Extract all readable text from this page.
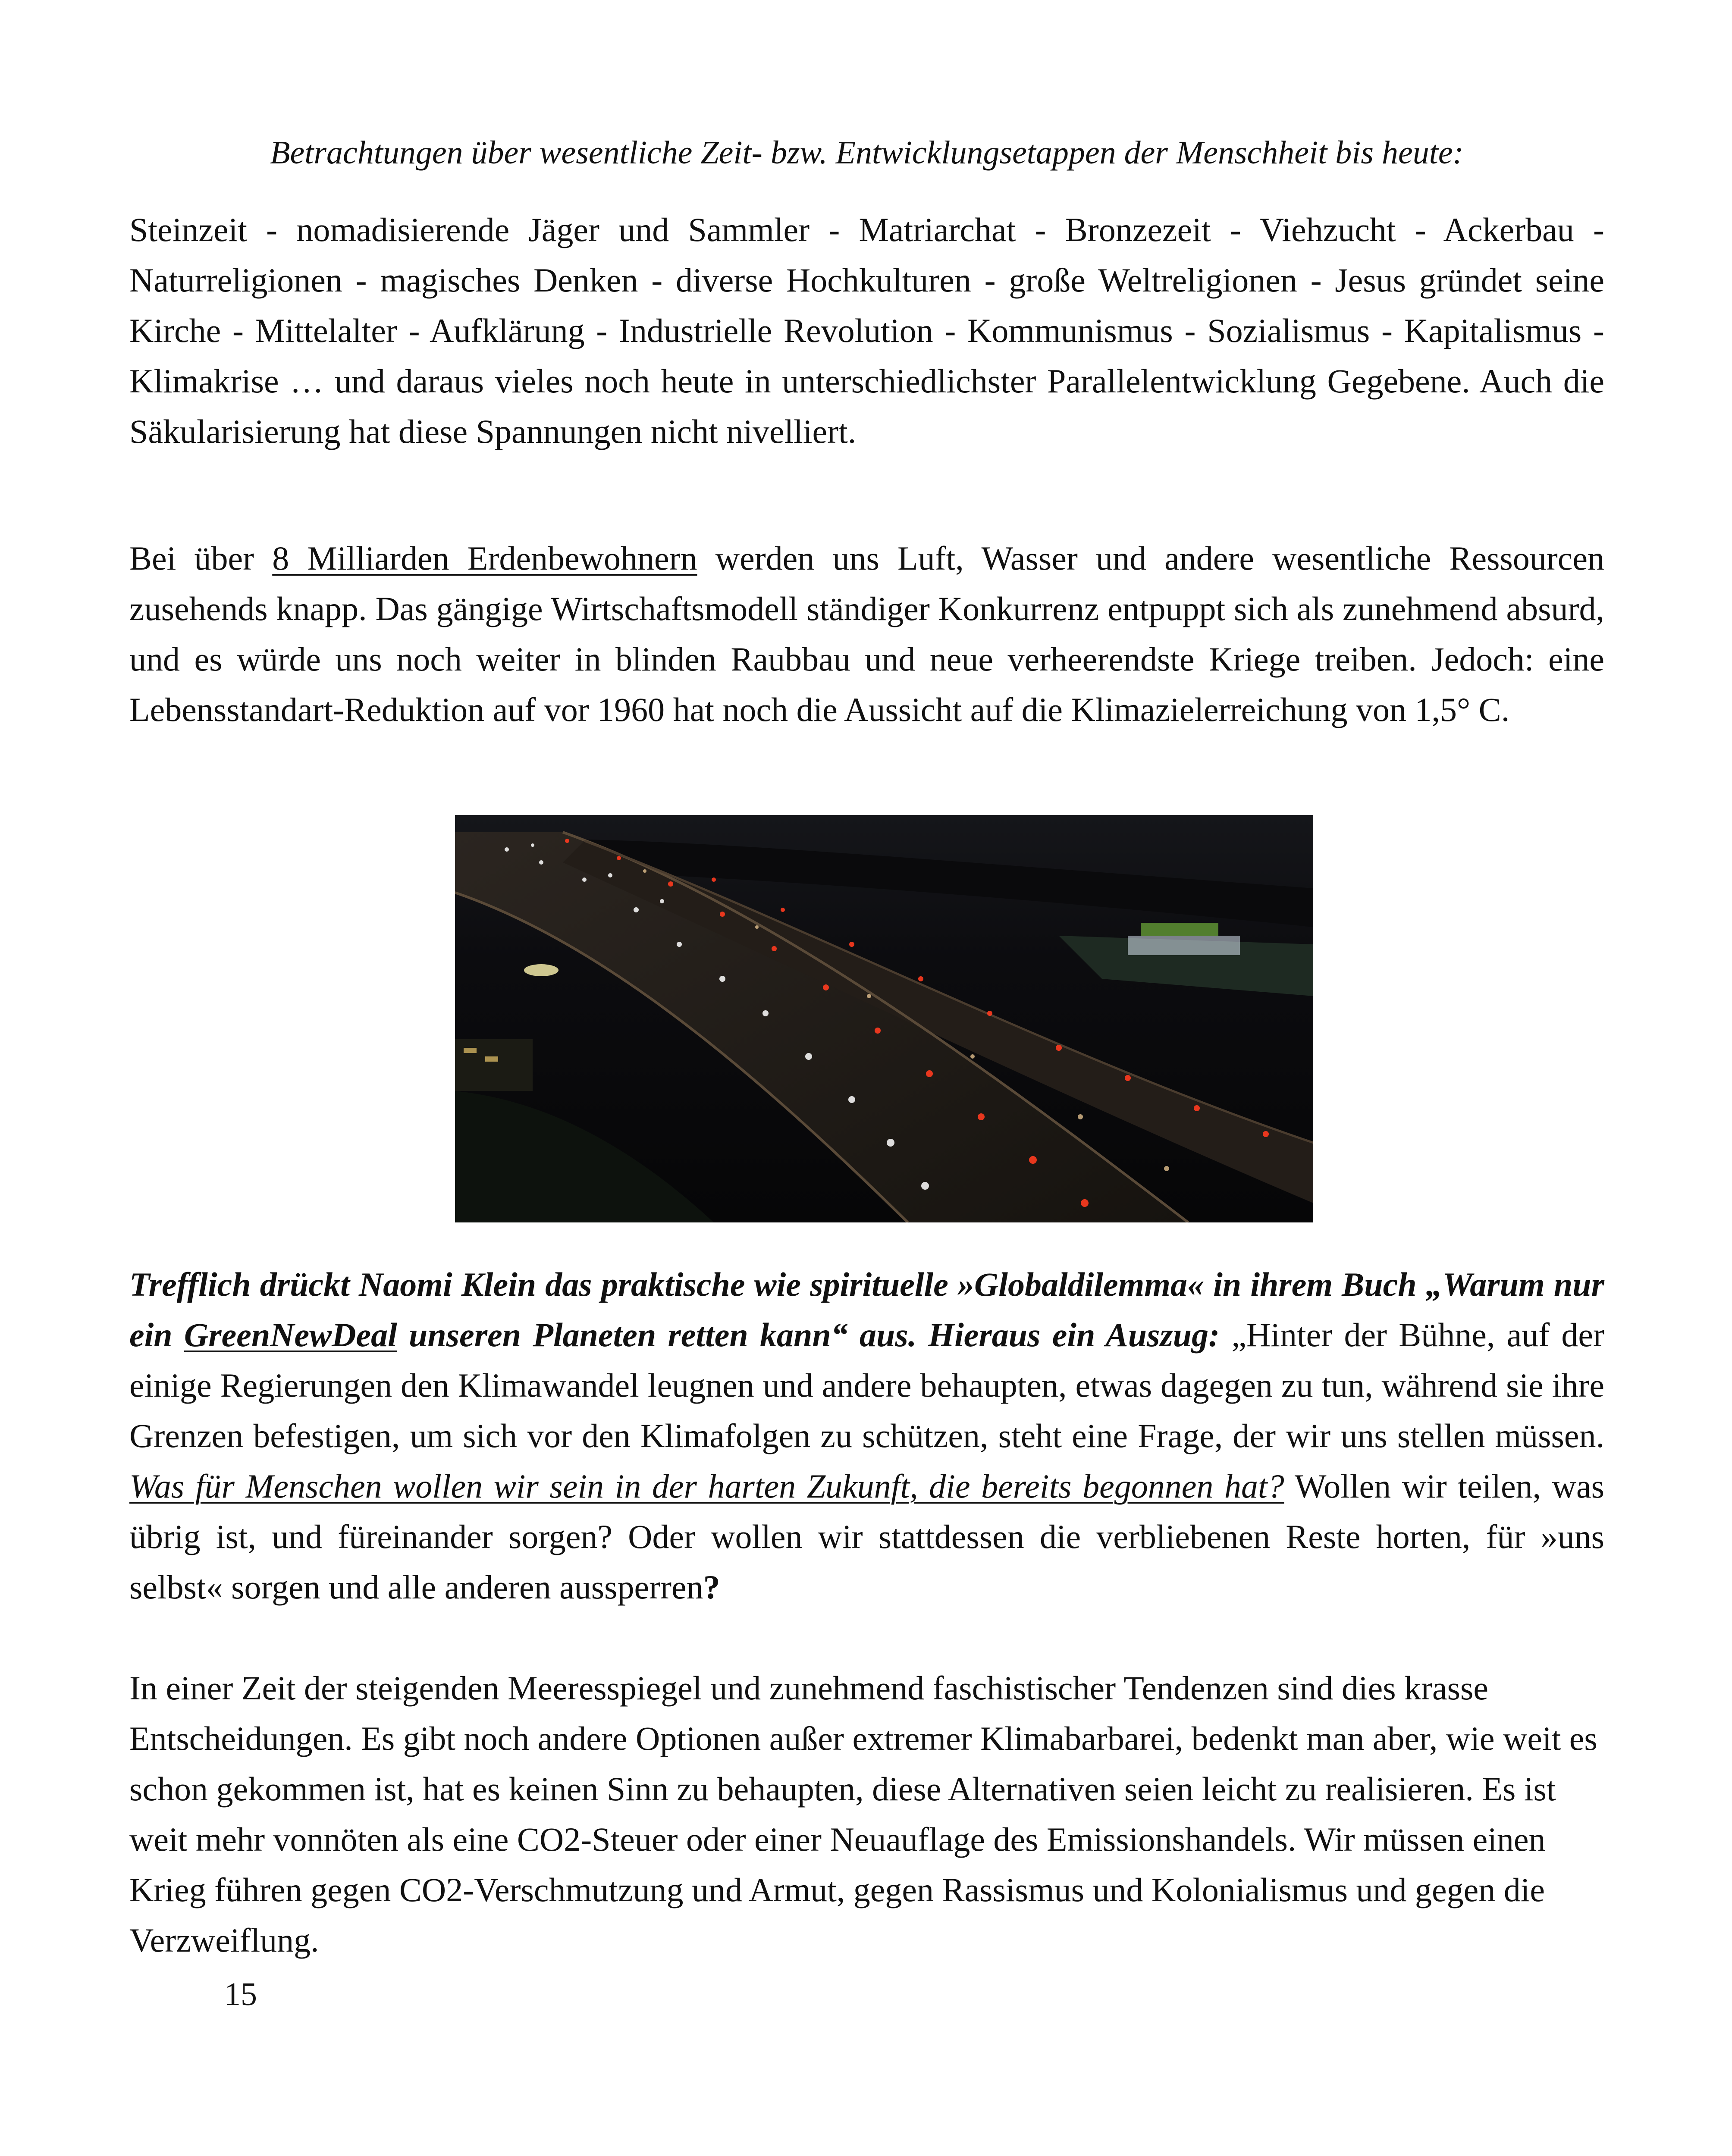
Betrachtungen über wesentliche Zeit- bzw. Entwicklungsetappen der Menschheit bis heute:
Steinzeit - nomadisierende Jäger und Sammler - Matriarchat - Bronzezeit - Viehzucht - Ackerbau - Naturreligionen - magisches Denken - diverse Hochkulturen - große Weltreligionen - Jesus gründet seine Kirche - Mittelalter - Aufklärung - Industrielle Revolution - Kommunismus - Sozialismus - Kapitalismus - Klimakrise … und daraus vieles noch heute in unterschiedlichster Parallelentwicklung Gegebene. Auch die Säkularisierung hat diese Spannungen nicht nivelliert.
Bei über 8 Milliarden Erdenbewohnern werden uns Luft, Wasser und andere wesentliche Ressourcen zusehends knapp. Das gängige Wirtschaftsmodell ständiger Konkurrenz entpuppt sich als zunehmend absurd, und es würde uns noch weiter in blinden Raubbau und neue verheerendste Kriege treiben. Jedoch: eine Lebensstandart-Reduktion auf vor 1960 hat noch die Aussicht auf die Klimazielerreichung von 1,5° C.
Trefflich drückt Naomi Klein das praktische wie spirituelle »Globaldilemma« in ihrem Buch „Warum nur ein GreenNewDeal unseren Planeten retten kann“ aus. Hieraus ein Auszug: „Hinter der Bühne, auf der einige Regierungen den Klimawandel leugnen und andere behaupten, etwas dagegen zu tun, während sie ihre Grenzen befestigen, um sich vor den Klimafolgen zu schützen, steht eine Frage, der wir uns stellen müssen. Was für Menschen wollen wir sein in der harten Zukunft, die bereits begonnen hat? Wollen wir teilen, was übrig ist, und füreinander sorgen? Oder wollen wir stattdessen die verbliebenen Reste horten, für »uns selbst« sorgen und alle anderen aussperren?
In einer Zeit der steigenden Meeresspiegel und zunehmend faschistischer Tendenzen sind dies krasse Entscheidungen. Es gibt noch andere Optionen außer extremer Klimabarbarei, bedenkt man aber, wie weit es schon gekommen ist, hat es keinen Sinn zu behaupten, diese Alternativen seien leicht zu realisieren. Es ist weit mehr vonnöten als eine CO2-Steuer oder einer Neuauflage des Emissionshandels. Wir müssen einen Krieg führen gegen CO2-Verschmutzung und Armut, gegen Rassismus und Kolonialismus und gegen die Verzweiflung.
15
